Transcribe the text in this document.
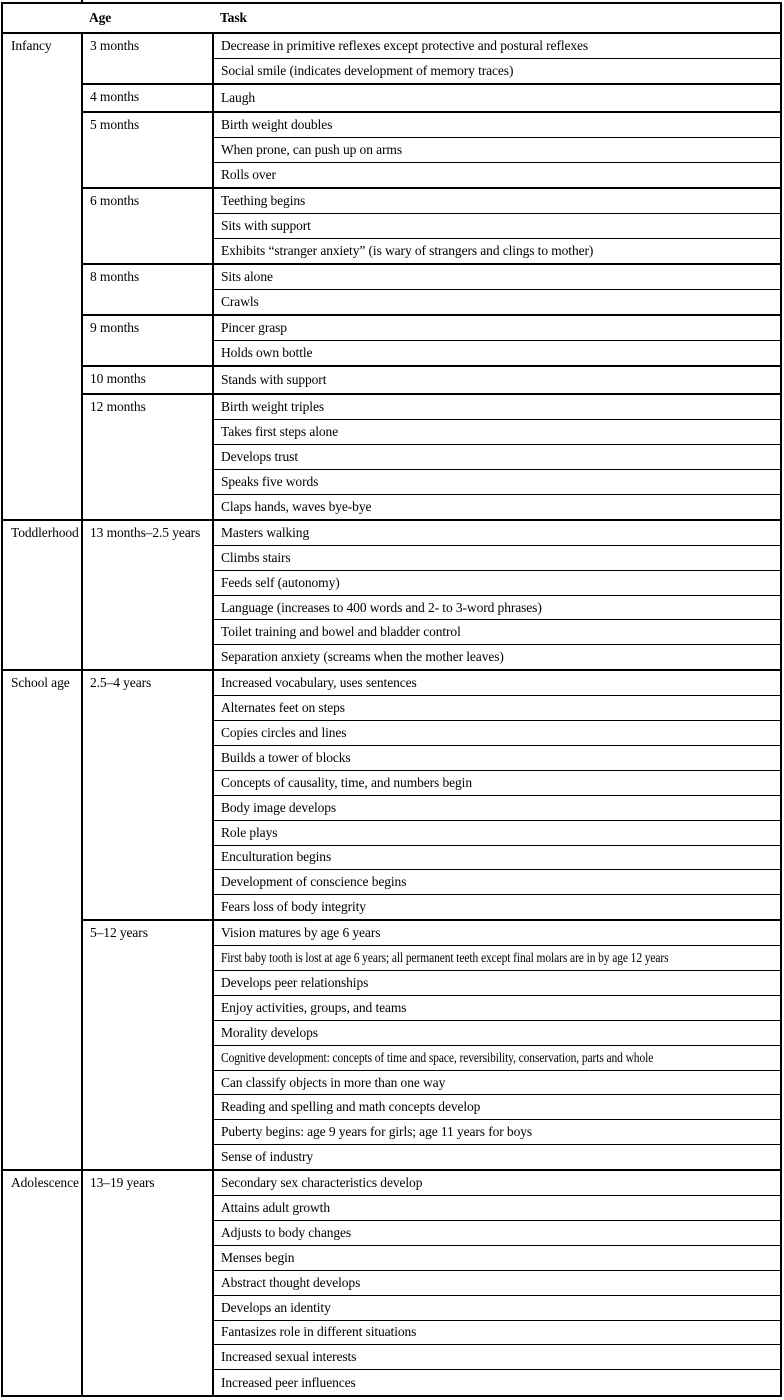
	Age	Task
Infancy	3 months	Decrease in primitive reflexes except protective and postural reflexes
		Social smile (indicates development of memory traces)
	4 months	Laugh
	5 months	Birth weight doubles
		When prone, can push up on arms
		Rolls over
	6 months	Teething begins
		Sits with support
		Exhibits “stranger anxiety” (is wary of strangers and clings to mother)
	8 months	Sits alone
		Crawls
	9 months	Pincer grasp
		Holds own bottle
	10 months	Stands with support
	12 months	Birth weight triples
		Takes first steps alone
		Develops trust
		Speaks five words
		Claps hands, waves bye-bye
Toddlerhood	13 months–2.5 years	Masters walking
		Climbs stairs
		Feeds self (autonomy)
		Language (increases to 400 words and 2- to 3-word phrases)
		Toilet training and bowel and bladder control
		Separation anxiety (screams when the mother leaves)
School age	2.5–4 years	Increased vocabulary, uses sentences
		Alternates feet on steps
		Copies circles and lines
		Builds a tower of blocks
		Concepts of causality, time, and numbers begin
		Body image develops
		Role plays
		Enculturation begins
		Development of conscience begins
		Fears loss of body integrity
	5–12 years	Vision matures by age 6 years
		First baby tooth is lost at age 6 years; all permanent teeth except final molars are in by age 12 years
		Develops peer relationships
		Enjoy activities, groups, and teams
		Morality develops
		Cognitive development: concepts of time and space, reversibility, conservation, parts and whole
		Can classify objects in more than one way
		Reading and spelling and math concepts develop
		Puberty begins: age 9 years for girls; age 11 years for boys
		Sense of industry
Adolescence	13–19 years	Secondary sex characteristics develop
		Attains adult growth
		Adjusts to body changes
		Menses begin
		Abstract thought develops
		Develops an identity
		Fantasizes role in different situations
		Increased sexual interests
		Increased peer influences
